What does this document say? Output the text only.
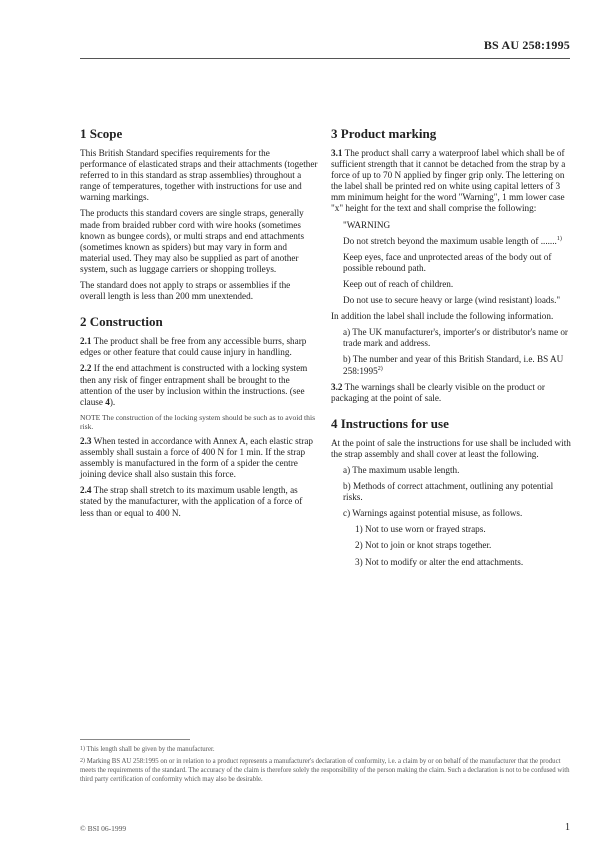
BS AU 258:1995
1 Scope

This British Standard specifies requirements for the performance of elasticated straps and their attachments (together referred to in this standard as strap assemblies) throughout a range of temperatures, together with instructions for use and warning markings.

The products this standard covers are single straps, generally made from braided rubber cord with wire hooks (sometimes known as bungee cords), or multi straps and end attachments (sometimes known as spiders) but may vary in form and material used. They may also be supplied as part of another system, such as luggage carriers or shopping trolleys.

The standard does not apply to straps or assemblies if the overall length is less than 200 mm unextended.

2 Construction

2.1 The product shall be free from any accessible burrs, sharp edges or other feature that could cause injury in handling.

2.2 If the end attachment is constructed with a locking system then any risk of finger entrapment shall be brought to the attention of the user by inclusion within the instructions. (see clause 4).

NOTE The construction of the locking system should be such as to avoid this risk.

2.3 When tested in accordance with Annex A, each elastic strap assembly shall sustain a force of 400 N for 1 min. If the strap assembly is manufactured in the form of a spider the centre joining device shall also sustain this force.

2.4 The strap shall stretch to its maximum usable length, as stated by the manufacturer, with the application of a force of less than or equal to 400 N.

3 Product marking

3.1 The product shall carry a waterproof label which shall be of sufficient strength that it cannot be detached from the strap by a force of up to 70 N applied by finger grip only. The lettering on the label shall be printed red on white using capital letters of 3 mm minimum height for the word "Warning", 1 mm lower case "x" height for the text and shall comprise the following:

"WARNING

Do not stretch beyond the maximum usable length of .......$^{1)}$

Keep eyes, face and unprotected areas of the body out of possible rebound path.

Keep out of reach of children.

Do not use to secure heavy or large (wind resistant) loads."

In addition the label shall include the following information.

a) The UK manufacturer's, importer's or distributor's name or trade mark and address.

b) The number and year of this British Standard, i.e. BS AU 258:1995$^{2)}$

3.2 The warnings shall be clearly visible on the product or packaging at the point of sale.

4 Instructions for use

At the point of sale the instructions for use shall be included with the strap assembly and shall cover at least the following.

a) The maximum usable length.

b) Methods of correct attachment, outlining any potential risks.

c) Warnings against potential misuse, as follows.

1) Not to use worn or frayed straps.

2) Not to join or knot straps together.

3) Not to modify or alter the end attachments.

$^{1)}$ This length shall be given by the manufacturer.

$^{2)}$ Marking BS AU 258:1995 on or in relation to a product represents a manufacturer's declaration of conformity, i.e. a claim by or on behalf of the manufacturer that the product meets the requirements of the standard. The accuracy of the claim is therefore solely the responsibility of the person making the claim. Such a declaration is not to be confused with third party certification of conformity which may also be desirable.

© BSI 06-1999	1
